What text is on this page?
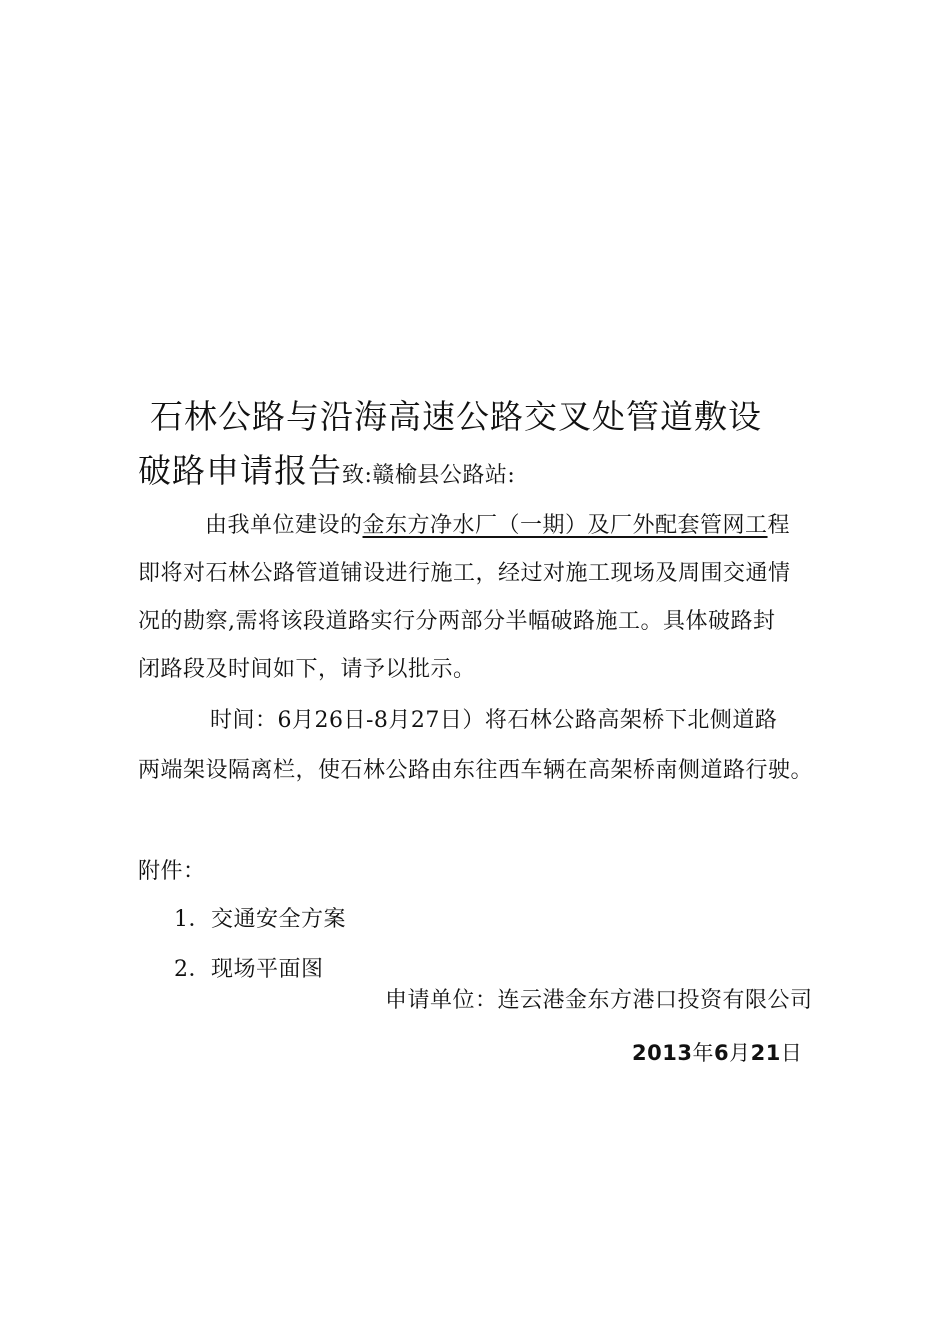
石林公路与沿海高速公路交叉处管道敷设
破路申请报告致:赣榆县公路站:
由我单位建设的金东方净水厂（一期）及厂外配套管网工程
即将对石林公路管道铺设进行施工，经过对施工现场及周围交通情
况的勘察,需将该段道路实行分两部分半幅破路施工。具体破路封
闭路段及时间如下，请予以批示。
时间：6月26日-8月27日）将石林公路高架桥下北侧道路
两端架设隔离栏，使石林公路由东往西车辆在高架桥南侧道路行驶。
附件：
1．交通安全方案
2．现场平面图
申请单位：连云港金东方港口投资有限公司
2013年6月21日
